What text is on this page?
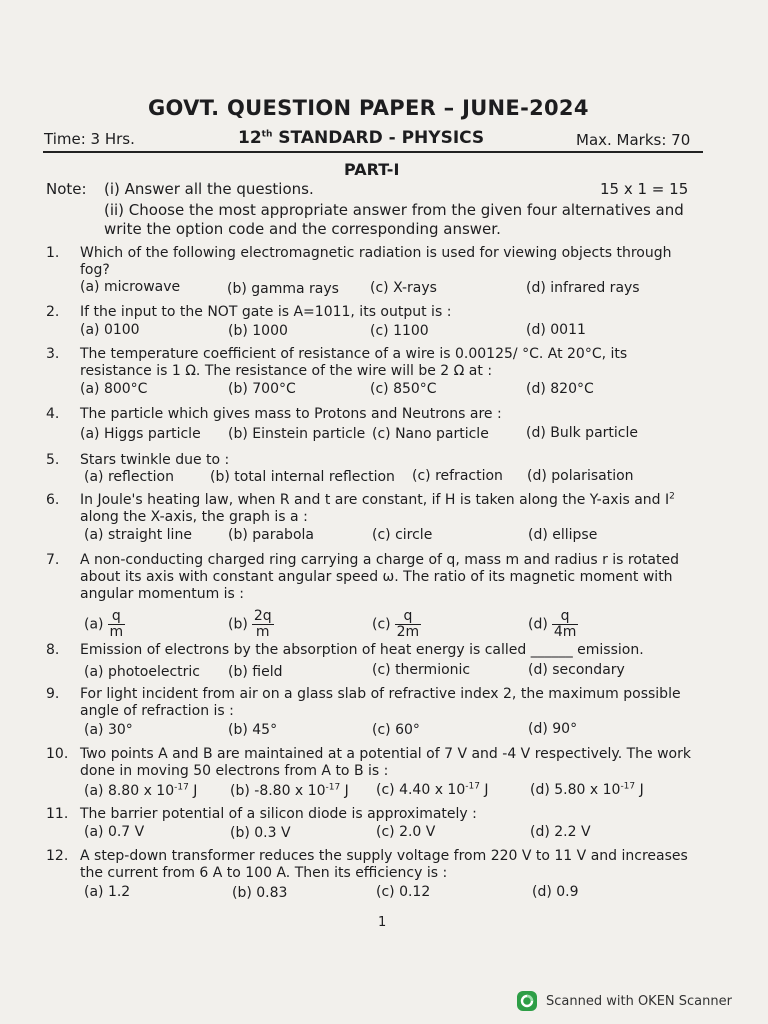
GOVT. QUESTION PAPER – JUNE-2024
Time: 3 Hrs.	12th STANDARD - PHYSICS	Max. Marks: 70
PART-I
Note: (i) Answer all the questions.	15 x 1 = 15
(ii) Choose the most appropriate answer from the given four alternatives and write the option code and the corresponding answer.
1. Which of the following electromagnetic radiation is used for viewing objects through fog?
(a) microwave	(b) gamma rays (c) X-rays	(d) infrared rays
2. If the input to the NOT gate is A=1011, its output is :
(a) 0100	(b) 1000	(c) 1100	(d) 0011
3. The temperature coefficient of resistance of a wire is 0.00125/ °C. At 20°C, its resistance is 1 Ω. The resistance of the wire will be 2 Ω at :
(a) 800°C	(b) 700°C	(c) 850°C	(d) 820°C
4. The particle which gives mass to Protons and Neutrons are :
(a) Higgs particle (b) Einstein particle (c) Nano particle	(d) Bulk particle
5. Stars twinkle due to :
(a) reflection	(b) total internal reflection (c) refraction (d) polarisation
6. In Joule's heating law, when R and t are constant, if H is taken along the Y-axis and $I^2$ along the X-axis, the graph is a :
(a) straight line	(b) parabola	(c) circle	(d) ellipse
7. A non-conducting charged ring carrying a charge of q, mass m and radius r is rotated about its axis with constant angular speed ω. The ratio of its magnetic moment with angular momentum is :
$(a) \frac{q}{m}$	$(b) \frac{2q}{m}$	$(c) \frac{q}{2m}$	$(d) \frac{q}{4m}$
8. Emission of electrons by the absorption of heat energy is called ______ emission.
(a) photoelectric (b) field	(c) thermionic	(d) secondary
9. For light incident from air on a glass slab of refractive index 2, the maximum possible angle of refraction is :
(a) 30°	(b) 45°	(c) 60°	(d) 90°
10. Two points A and B are maintained at a potential of 7 V and -4 V respectively. The work done in moving 50 electrons from A to B is :
(a) 8.80 x $10^{-17}$ J (b) -8.80 x $10^{-17}$ J (c) 4.40 x $10^{-17}$ J	(d) 5.80 x $10^{-17}$ J
11. The barrier potential of a silicon diode is approximately :
(a) 0.7 V	(b) 0.3 V	(c) 2.0 V	(d) 2.2 V
12. A step-down transformer reduces the supply voltage from 220 V to 11 V and increases the current from 6 A to 100 A. Then its efficiency is :
(a) 1.2	(b) 0.83	(c) 0.12	(d) 0.9
1
Scanned with OKEN Scanner
